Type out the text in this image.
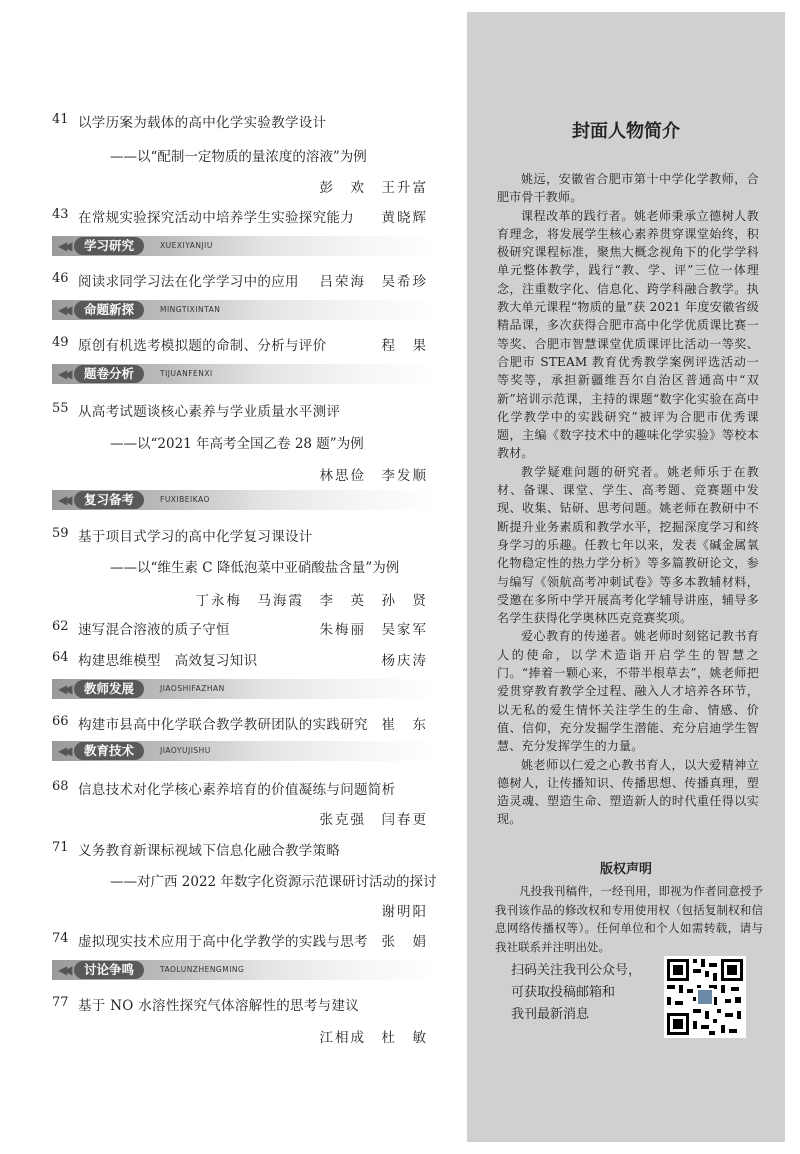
41 以学历案为载体的高中化学实验教学设计
——以“配制一定物质的量浓度的溶液”为例
彭　欢　王升富
43 在常规实验探究活动中培养学生实验探究能力 黄晓辉
◀◀	学习研究	XUEXIYANJIU
46 阅读求同学习法在化学学习中的应用 吕荣海　吴希珍
◀◀	命题新探	MINGTIXINTAN
49 原创有机选考模拟题的命制、分析与评价	程　果
◀◀	题卷分析	TIJUANFENXI
55 从高考试题谈核心素养与学业质量水平测评
——以“2021 年高考全国乙卷 28 题”为例
林思俭　李发顺
◀◀	复习备考	FUXIBEIKAO
59 基于项目式学习的高中化学复习课设计
——以“维生素 C 降低泡菜中亚硝酸盐含量”为例
丁永梅　马海霞　李　英　孙　贤
62 速写混合溶液的质子守恒	朱梅丽　吴家军
64 构建思维模型　高效复习知识	杨庆涛
◀◀	教师发展	JIAOSHIFAZHAN
66 构建市县高中化学联合教学教研团队的实践研究 崔　东
◀◀	教育技术	JIAOYUJISHU
68 信息技术对化学核心素养培育的价值凝练与问题简析
张克强　闫春更
71 义务教育新课标视域下信息化融合教学策略
——对广西 2022 年数字化资源示范课研讨活动的探讨
谢明阳
74 虚拟现实技术应用于高中化学教学的实践与思考 张　娟
◀◀	讨论争鸣	TAOLUNZHENGMING
77 基于 NO 水溶性探究气体溶解性的思考与建议
江相成　杜　敏
封面人物简介

姚远，安徽省合肥市第十中学化学教师，合肥市骨干教师。

课程改革的践行者。姚老师秉承立德树人教育理念，将发展学生核心素养贯穿课堂始终，积极研究课程标准，聚焦大概念视角下的化学学科单元整体教学，践行“教、学、评”三位一体理念，注重数字化、信息化、跨学科融合教学。执教大单元课程“物质的量”获 2021 年度安徽省级精品课，多次获得合肥市高中化学优质课比赛一等奖、合肥市智慧课堂优质课评比活动一等奖、合肥市 STEAM 教育优秀教学案例评选活动一等奖等，承担新疆维吾尔自治区普通高中“双新”培训示范课，主持的课题“数字化实验在高中化学教学中的实践研究”被评为合肥市优秀课题，主编《数字技术中的趣味化学实验》等校本教材。

教学疑难问题的研究者。姚老师乐于在教材、备课、课堂、学生、高考题、竞赛题中发现、收集、钻研、思考问题。姚老师在教研中不断提升业务素质和教学水平，挖掘深度学习和终身学习的乐趣。任教七年以来，发表《碱金属氧化物稳定性的热力学分析》等多篇教研论文，参与编写《领航高考冲刺试卷》等多本教辅材料，受邀在多所中学开展高考化学辅导讲座，辅导多名学生获得化学奥林匹克竞赛奖项。

爱心教育的传递者。姚老师时刻铭记教书育人的使命，以学术造诣开启学生的智慧之门。“捧着一颗心来，不带半根草去”，姚老师把爱贯穿教育教学全过程、融入人才培养各环节，以无私的爱生情怀关注学生的生命、情感、价值、信仰，充分发掘学生潜能、充分启迪学生智慧、充分发挥学生的力量。

姚老师以仁爱之心教书育人，以大爱精神立德树人，让传播知识、传播思想、传播真理，塑造灵魂、塑造生命、塑造新人的时代重任得以实现。

版权声明
凡投我刊稿件，一经刊用，即视为作者同意授予我刊该作品的修改权和专用使用权（包括复制权和信息网络传播权等）。任何单位和个人如需转载，请与我社联系并注明出处。
扫码关注我刊公众号，
可获取投稿邮箱和
我刊最新消息
